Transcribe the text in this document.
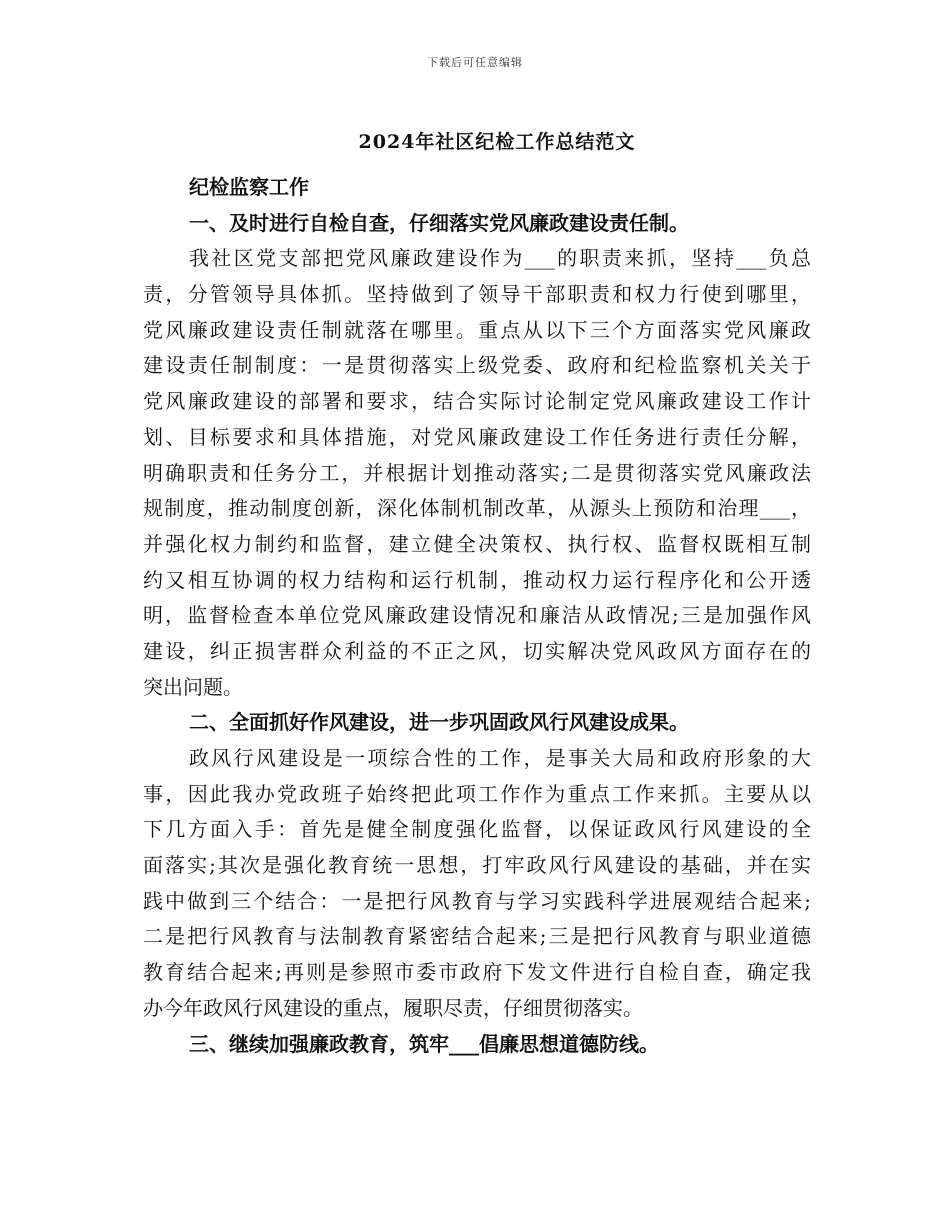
下载后可任意编辑
2024年社区纪检工作总结范文
纪检监察工作
一、及时进行自检自查，仔细落实党风廉政建设责任制。
我社区党支部把党风廉政建设作为___的职责来抓，坚持___负总
责，分管领导具体抓。坚持做到了领导干部职责和权力行使到哪里，
党风廉政建设责任制就落在哪里。重点从以下三个方面落实党风廉政
建设责任制制度：一是贯彻落实上级党委、政府和纪检监察机关关于
党风廉政建设的部署和要求，结合实际讨论制定党风廉政建设工作计
划、目标要求和具体措施，对党风廉政建设工作任务进行责任分解，
明确职责和任务分工，并根据计划推动落实;二是贯彻落实党风廉政法
规制度，推动制度创新，深化体制机制改革，从源头上预防和治理___，
并强化权力制约和监督，建立健全决策权、执行权、监督权既相互制
约又相互协调的权力结构和运行机制，推动权力运行程序化和公开透
明，监督检查本单位党风廉政建设情况和廉洁从政情况;三是加强作风
建设，纠正损害群众利益的不正之风，切实解决党风政风方面存在的
突出问题。
二、全面抓好作风建设，进一步巩固政风行风建设成果。
政风行风建设是一项综合性的工作，是事关大局和政府形象的大
事，因此我办党政班子始终把此项工作作为重点工作来抓。主要从以
下几方面入手：首先是健全制度强化监督，以保证政风行风建设的全
面落实;其次是强化教育统一思想，打牢政风行风建设的基础，并在实
践中做到三个结合：一是把行风教育与学习实践科学进展观结合起来;
二是把行风教育与法制教育紧密结合起来;三是把行风教育与职业道德
教育结合起来;再则是参照市委市政府下发文件进行自检自查，确定我
办今年政风行风建设的重点，履职尽责，仔细贯彻落实。
三、继续加强廉政教育，筑牢___倡廉思想道德防线。
